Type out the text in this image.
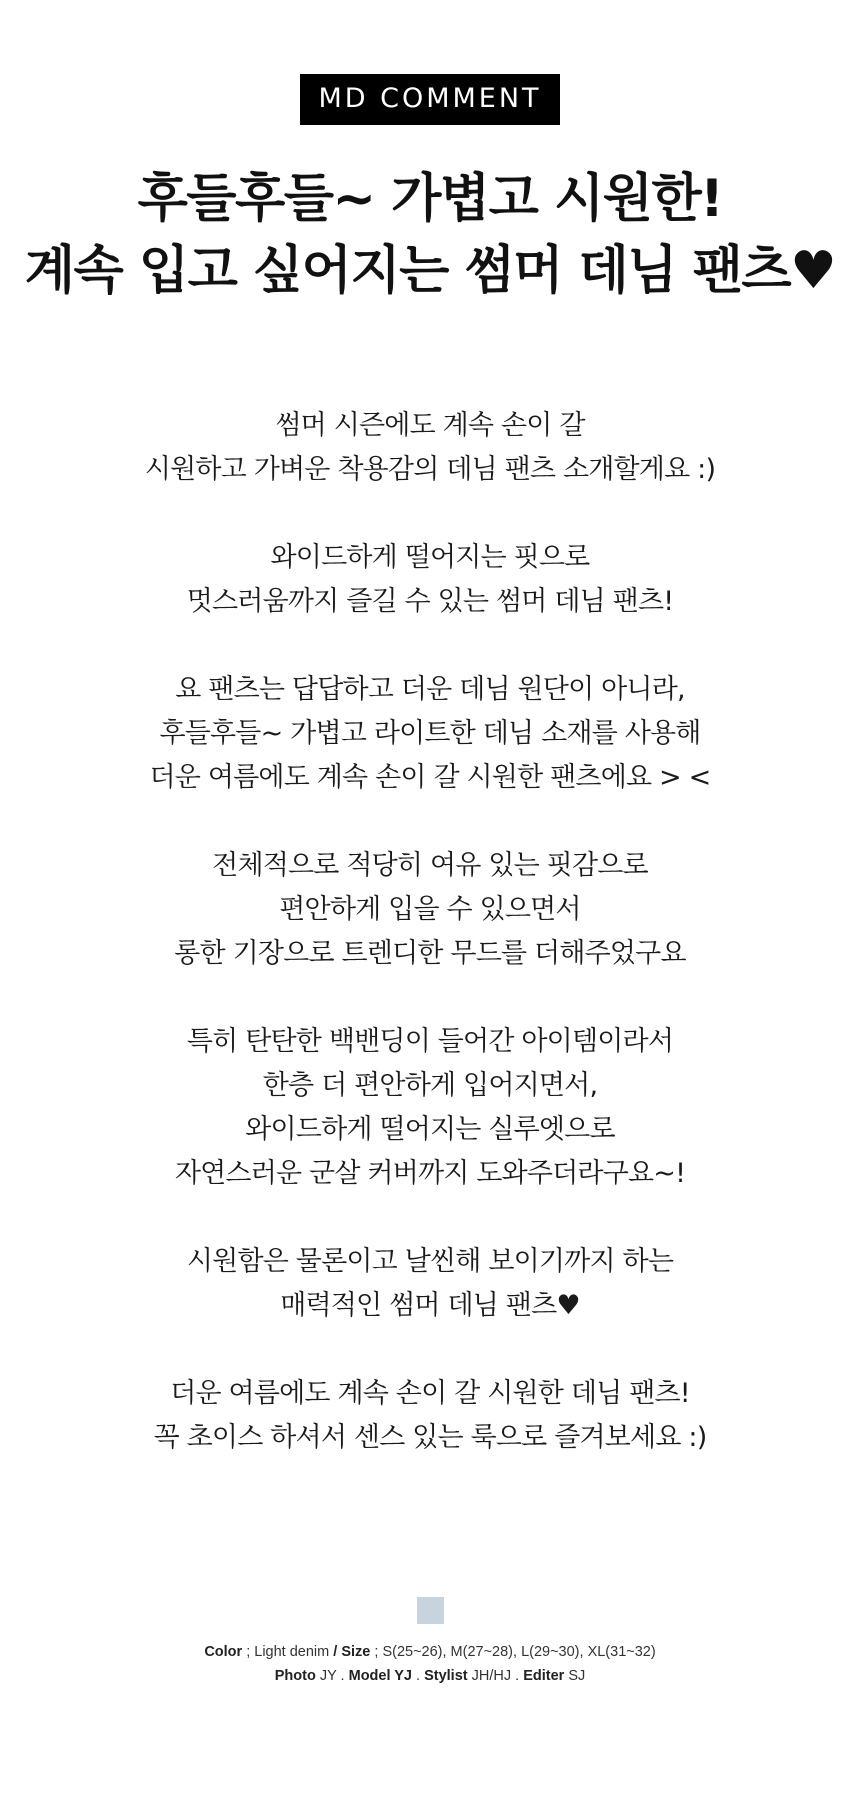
MD COMMENT
후들후들~ 가볍고 시원한!
계속 입고 싶어지는 썸머 데님 팬츠♥
썸머 시즌에도 계속 손이 갈
시원하고 가벼운 착용감의 데님 팬츠 소개할게요 :)
와이드하게 떨어지는 핏으로
멋스러움까지 즐길 수 있는 썸머 데님 팬츠!
요 팬츠는 답답하고 더운 데님 원단이 아니라,
후들후들~ 가볍고 라이트한 데님 소재를 사용해
더운 여름에도 계속 손이 갈 시원한 팬츠에요 > <
전체적으로 적당히 여유 있는 핏감으로
편안하게 입을 수 있으면서
롱한 기장으로 트렌디한 무드를 더해주었구요
특히 탄탄한 백밴딩이 들어간 아이템이라서
한층 더 편안하게 입어지면서,
와이드하게 떨어지는 실루엣으로
자연스러운 군살 커버까지 도와주더라구요~!
시원함은 물론이고 날씬해 보이기까지 하는
매력적인 썸머 데님 팬츠♥
더운 여름에도 계속 손이 갈 시원한 데님 팬츠!
꼭 초이스 하셔서 센스 있는 룩으로 즐겨보세요 :)
Color ; Light denim / Size ; S(25~26), M(27~28), L(29~30), XL(31~32)
Photo JY . Model YJ . Stylist JH/HJ . Editer SJ
